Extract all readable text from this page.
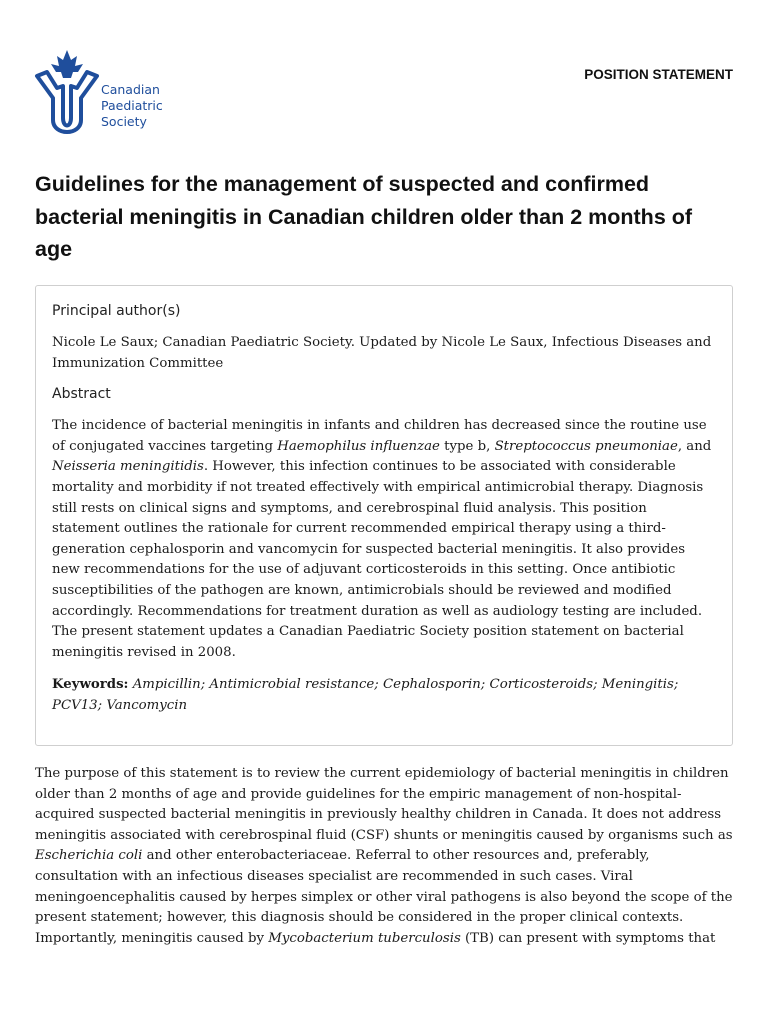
Canadian
Paediatric
Society
POSITION STATEMENT
Guidelines for the management of suspected and confirmed bacterial meningitis in Canadian children older than 2 months of age
Principal author(s)

Nicole Le Saux; Canadian Paediatric Society. Updated by Nicole Le Saux, Infectious Diseases and Immunization Committee

Abstract

The incidence of bacterial meningitis in infants and children has decreased since the routine use of conjugated vaccines targeting Haemophilus influenzae type b, Streptococcus pneumoniae, and Neisseria meningitidis. However, this infection continues to be associated with considerable mortality and morbidity if not treated effectively with empirical antimicrobial therapy. Diagnosis still rests on clinical signs and symptoms, and cerebrospinal fluid analysis. This position statement outlines the rationale for current recommended empirical therapy using a third-generation cephalosporin and vancomycin for suspected bacterial meningitis. It also provides new recommendations for the use of adjuvant corticosteroids in this setting. Once antibiotic susceptibilities of the pathogen are known, antimicrobials should be reviewed and modified accordingly. Recommendations for treatment duration as well as audiology testing are included. The present statement updates a Canadian Paediatric Society position statement on bacterial meningitis revised in 2008.

Keywords: Ampicillin; Antimicrobial resistance; Cephalosporin; Corticosteroids; Meningitis; PCV13; Vancomycin

The purpose of this statement is to review the current epidemiology of bacterial meningitis in children older than 2 months of age and provide guidelines for the empiric management of non-hospital-acquired suspected bacterial meningitis in previously healthy children in Canada. It does not address meningitis associated with cerebrospinal fluid (CSF) shunts or meningitis caused by organisms such as Escherichia coli and other enterobacteriaceae. Referral to other resources and, preferably, consultation with an infectious diseases specialist are recommended in such cases. Viral meningoencephalitis caused by herpes simplex or other viral pathogens is also beyond the scope of the present statement; however, this diagnosis should be considered in the proper clinical contexts. Importantly, meningitis caused by Mycobacterium tuberculosis (TB) can present with symptoms that
